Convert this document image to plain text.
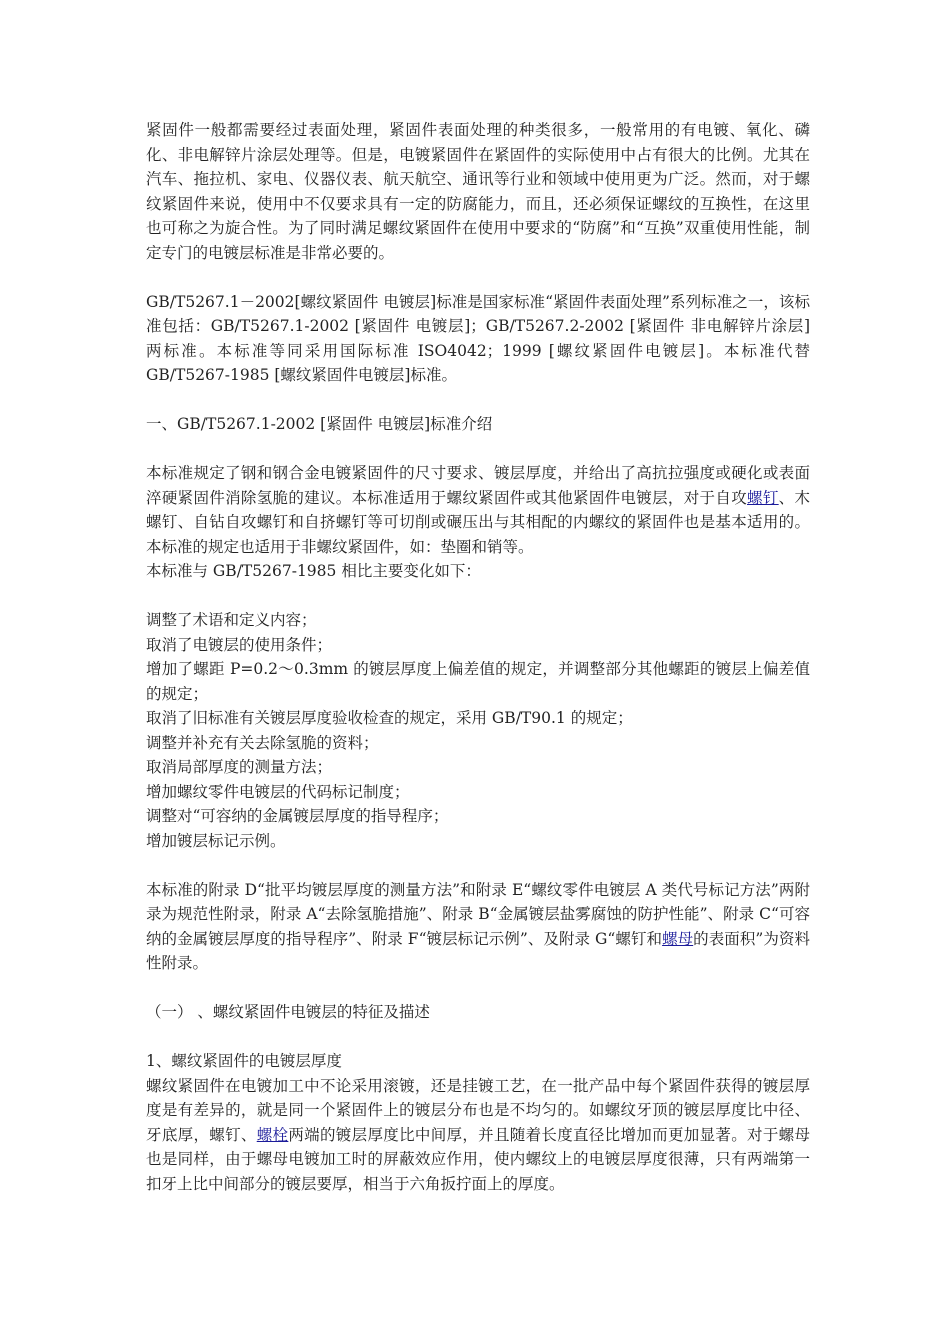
紧固件一般都需要经过表面处理，紧固件表面处理的种类很多，一般常用的有电镀、氧化、磷化、非电解锌片涂层处理等。但是，电镀紧固件在紧固件的实际使用中占有很大的比例。尤其在汽车、拖拉机、家电、仪器仪表、航天航空、通讯等行业和领域中使用更为广泛。然而，对于螺纹紧固件来说，使用中不仅要求具有一定的防腐能力，而且，还必须保证螺纹的互换性，在这里也可称之为旋合性。为了同时满足螺纹紧固件在使用中要求的“防腐”和“互换”双重使用性能，制定专门的电镀层标准是非常必要的。

GB/T5267.1－2002[螺纹紧固件 电镀层]标准是国家标准“紧固件表面处理”系列标准之一，该标准包括：GB/T5267.1-2002 [紧固件 电镀层]；GB/T5267.2-2002 [紧固件 非电解锌片涂层] 两标准。本标准等同采用国际标准 ISO4042；1999 [螺纹紧固件电镀层]。本标准代替 GB/T5267-1985 [螺纹紧固件电镀层]标准。

一、GB/T5267.1-2002 [紧固件 电镀层]标准介绍

本标准规定了钢和钢合金电镀紧固件的尺寸要求、镀层厚度，并给出了高抗拉强度或硬化或表面淬硬紧固件消除氢脆的建议。本标准适用于螺纹紧固件或其他紧固件电镀层，对于自攻螺钉、木螺钉、自钻自攻螺钉和自挤螺钉等可切削或碾压出与其相配的内螺纹的紧固件也是基本适用的。本标准的规定也适用于非螺纹紧固件，如：垫圈和销等。

本标准与 GB/T5267-1985 相比主要变化如下：

调整了术语和定义内容；

取消了电镀层的使用条件；

增加了螺距 P=0.2～0.3mm 的镀层厚度上偏差值的规定，并调整部分其他螺距的镀层上偏差值的规定；

取消了旧标准有关镀层厚度验收检查的规定，采用 GB/T90.1 的规定；

调整并补充有关去除氢脆的资料；

取消局部厚度的测量方法；

增加螺纹零件电镀层的代码标记制度；

调整对“可容纳的金属镀层厚度的指导程序；

增加镀层标记示例。

本标准的附录 D“批平均镀层厚度的测量方法”和附录 E“螺纹零件电镀层 A 类代号标记方法”两附录为规范性附录，附录 A“去除氢脆措施”、附录 B“金属镀层盐雾腐蚀的防护性能”、附录 C“可容纳的金属镀层厚度的指导程序”、附录 F“镀层标记示例”、及附录 G“螺钉和螺母的表面积”为资料性附录。

（一） 、螺纹紧固件电镀层的特征及描述

1、螺纹紧固件的电镀层厚度

螺纹紧固件在电镀加工中不论采用滚镀，还是挂镀工艺，在一批产品中每个紧固件获得的镀层厚度是有差异的，就是同一个紧固件上的镀层分布也是不均匀的。如螺纹牙顶的镀层厚度比中径、牙底厚，螺钉、螺栓两端的镀层厚度比中间厚，并且随着长度直径比增加而更加显著。对于螺母也是同样，由于螺母电镀加工时的屏蔽效应作用，使内螺纹上的电镀层厚度很薄，只有两端第一扣牙上比中间部分的镀层要厚，相当于六角扳拧面上的厚度。
